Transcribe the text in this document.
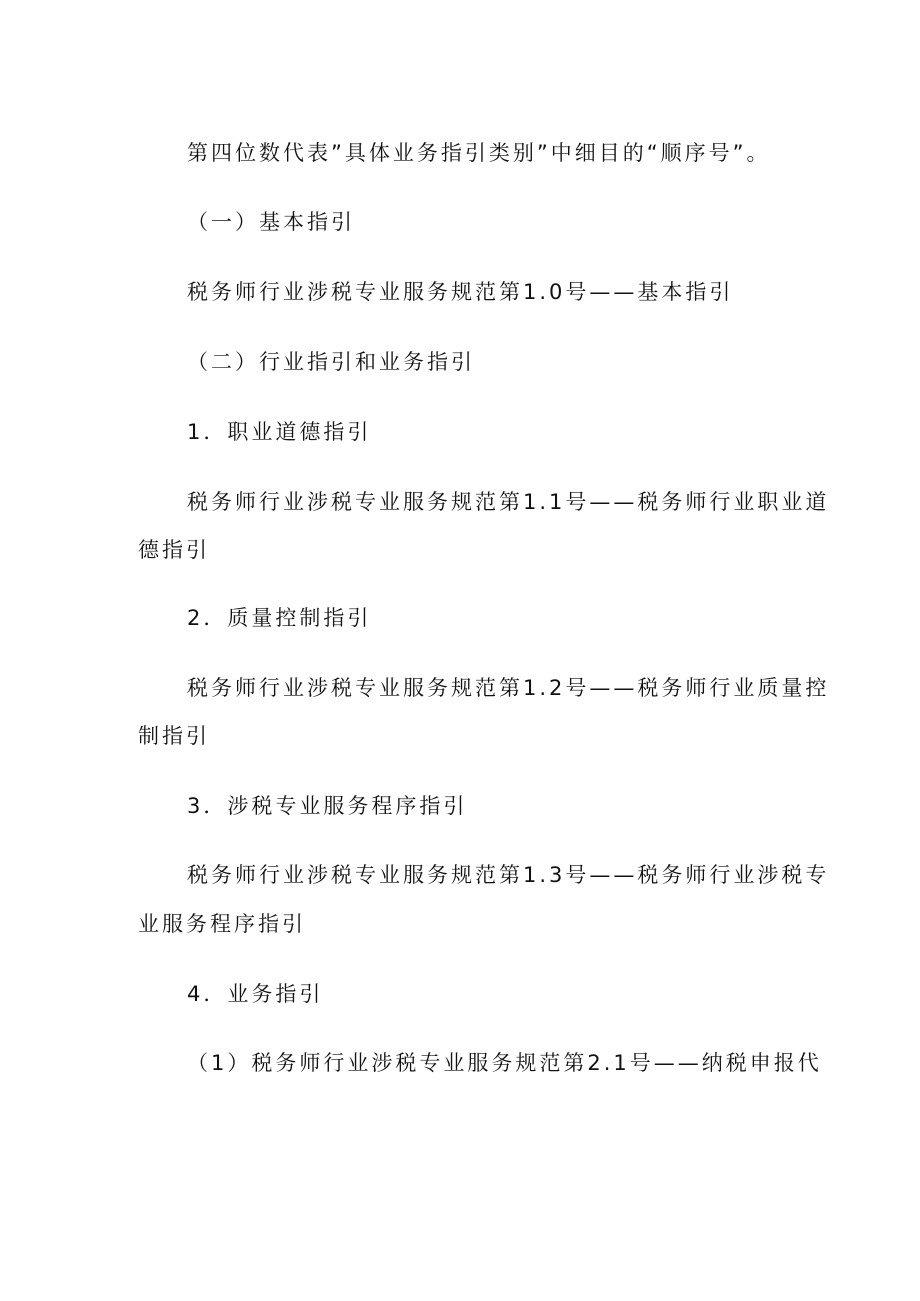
第四位数代表”具体业务指引类别”中细目的“顺序号”。

（一）基本指引

税务师行业涉税专业服务规范第1.0号——基本指引

（二）行业指引和业务指引

1．职业道德指引

税务师行业涉税专业服务规范第1.1号——税务师行业职业道

德指引

2．质量控制指引

税务师行业涉税专业服务规范第1.2号——税务师行业质量控

制指引

3．涉税专业服务程序指引

税务师行业涉税专业服务规范第1.3号——税务师行业涉税专

业服务程序指引

4．业务指引

（1）税务师行业涉税专业服务规范第2.1号——纳税申报代
